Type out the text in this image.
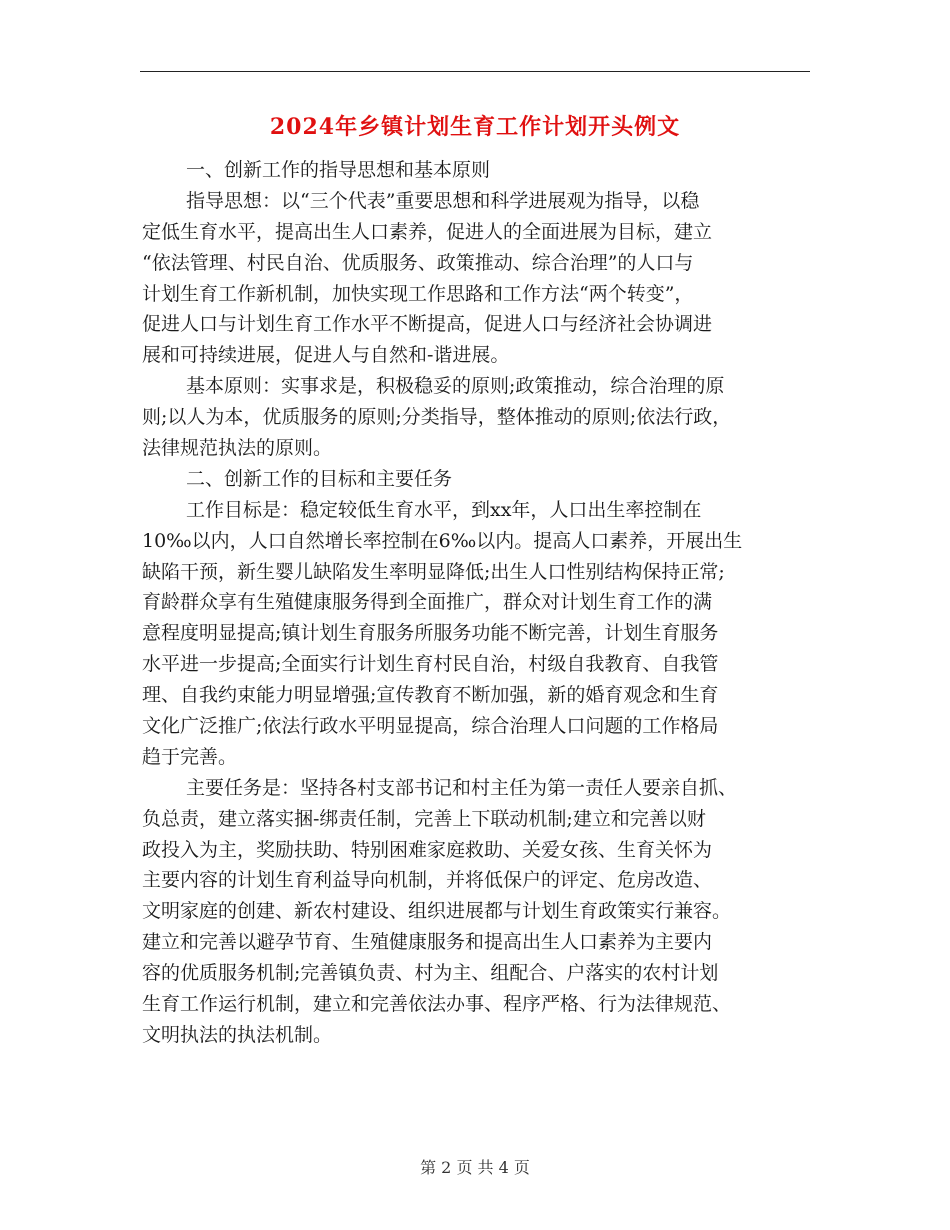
2024年乡镇计划生育工作计划开头例文
一、创新工作的指导思想和基本原则
指导思想：以“三个代表”重要思想和科学进展观为指导，以稳
定低生育水平，提高出生人口素养，促进人的全面进展为目标，建立
“依法管理、村民自治、优质服务、政策推动、综合治理”的人口与
计划生育工作新机制，加快实现工作思路和工作方法“两个转变”，
促进人口与计划生育工作水平不断提高，促进人口与经济社会协调进
展和可持续进展，促进人与自然和-谐进展。
基本原则：实事求是，积极稳妥的原则;政策推动，综合治理的原
则;以人为本，优质服务的原则;分类指导，整体推动的原则;依法行政，
法律规范执法的原则。
二、创新工作的目标和主要任务
工作目标是：稳定较低生育水平，到xx年，人口出生率控制在
10‰以内，人口自然增长率控制在6‰以内。提高人口素养，开展出生
缺陷干预，新生婴儿缺陷发生率明显降低;出生人口性别结构保持正常;
育龄群众享有生殖健康服务得到全面推广，群众对计划生育工作的满
意程度明显提高;镇计划生育服务所服务功能不断完善，计划生育服务
水平进一步提高;全面实行计划生育村民自治，村级自我教育、自我管
理、自我约束能力明显增强;宣传教育不断加强，新的婚育观念和生育
文化广泛推广;依法行政水平明显提高，综合治理人口问题的工作格局
趋于完善。
主要任务是：坚持各村支部书记和村主任为第一责任人要亲自抓、
负总责，建立落实捆-绑责任制，完善上下联动机制;建立和完善以财
政投入为主，奖励扶助、特别困难家庭救助、关爱女孩、生育关怀为
主要内容的计划生育利益导向机制，并将低保户的评定、危房改造、
文明家庭的创建、新农村建设、组织进展都与计划生育政策实行兼容。
建立和完善以避孕节育、生殖健康服务和提高出生人口素养为主要内
容的优质服务机制;完善镇负责、村为主、组配合、户落实的农村计划
生育工作运行机制，建立和完善依法办事、程序严格、行为法律规范、
文明执法的执法机制。
第 2 页 共 4 页
